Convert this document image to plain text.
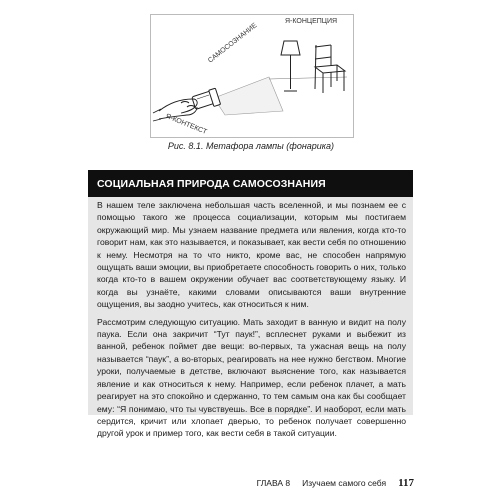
Я-КОНЦЕПЦИЯ
САМОСОЗНАНИЕ
Я-КОНТЕКСТ
Рис. 8.1. Метафора лампы (фонарика)
СОЦИАЛЬНАЯ ПРИРОДА САМОСОЗНАНИЯ

В нашем теле заключена небольшая часть вселенной, и мы познаем ее с помощью такого же процесса социализации, которым мы постигаем окружающий мир. Мы узнаем название предмета или явления, когда кто-то говорит нам, как это называется, и показывает, как вести себя по отношению к нему. Несмотря на то что никто, кроме вас, не способен напрямую ощущать ваши эмоции, вы приобретаете способность говорить о них, только когда кто-то в вашем окружении обучает вас соответствующему языку. И когда вы узнаёте, какими словами описываются ваши внутренние ощущения, вы заодно учитесь, как относиться к ним.

Рассмотрим следующую ситуацию. Мать заходит в ванную и видит на полу паука. Если она закричит “Тут паук!”, всплеснет руками и выбежит из ванной, ребенок поймет две вещи: во-первых, та ужасная вещь на полу называется “паук”, а во-вторых, реагировать на нее нужно бегством. Многие уроки, получаемые в детстве, включают выяснение того, как называется явление и как относиться к нему. Например, если ребенок плачет, а мать реагирует на это спокойно и сдержанно, то тем самым она как бы сообщает ему: “Я понимаю, что ты чувствуешь. Все в порядке”. И наоборот, если мать сердится, кричит или хлопает дверью, то ребенок получает совершенно другой урок и пример того, как вести себя в такой ситуации.

ГЛАВА 8 Изучаем самого себя 117
